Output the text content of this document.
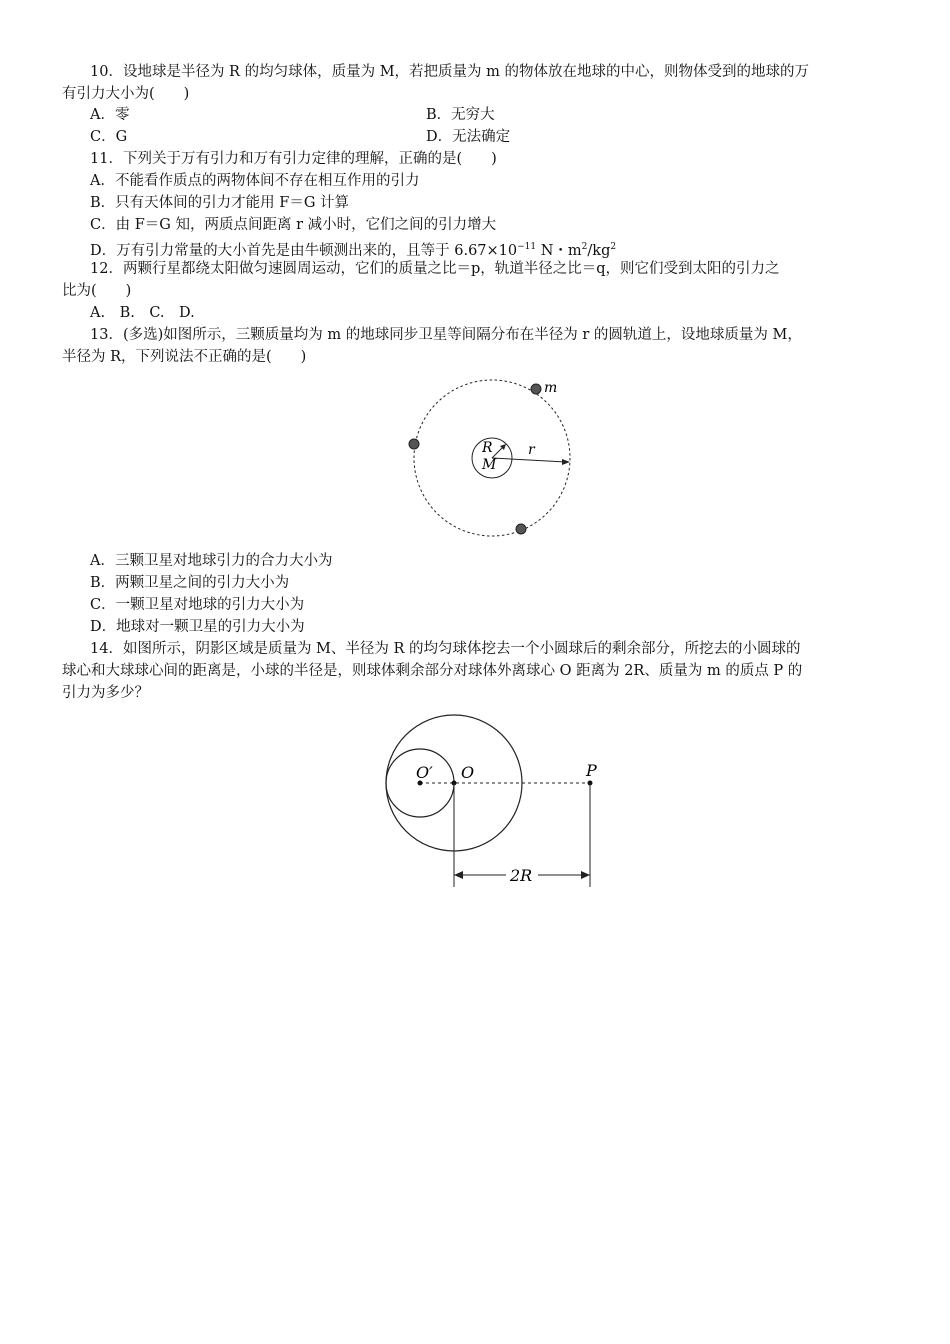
10．设地球是半径为 R 的均匀球体，质量为 M，若把质量为 m 的物体放在地球的中心，则物体受到的地球的万
有引力大小为(　　)
A．零	B．无穷大
C．G	D．无法确定
11．下列关于万有引力和万有引力定律的理解，正确的是(　　)
A．不能看作质点的两物体间不存在相互作用的引力
B．只有天体间的引力才能用 F＝G 计算
C．由 F＝G 知，两质点间距离 r 减小时，它们之间的引力增大
D．万有引力常量的大小首先是由牛顿测出来的，且等于 $6.67\times 10^{-11}$ N・$m^2/kg^2$
12．两颗行星都绕太阳做匀速圆周运动，它们的质量之比＝p，轨道半径之比＝q，则它们受到太阳的引力之
比为(　　)
A.　B.　C.　D.
13．(多选)如图所示，三颗质量均为 m 的地球同步卫星等间隔分布在半径为 r 的圆轨道上，设地球质量为 M，
半径为 R，下列说法不正确的是(　　)
m
R
M
r
A．三颗卫星对地球引力的合力大小为
B．两颗卫星之间的引力大小为
C．一颗卫星对地球的引力大小为
D．地球对一颗卫星的引力大小为
14．如图所示，阴影区域是质量为 M、半径为 R 的均匀球体挖去一个小圆球后的剩余部分，所挖去的小圆球的
球心和大球球心间的距离是，小球的半径是，则球体剩余部分对球体外离球心 O 距离为 2R、质量为 m 的质点 P 的
引力为多少？
O′ O	P
2R
